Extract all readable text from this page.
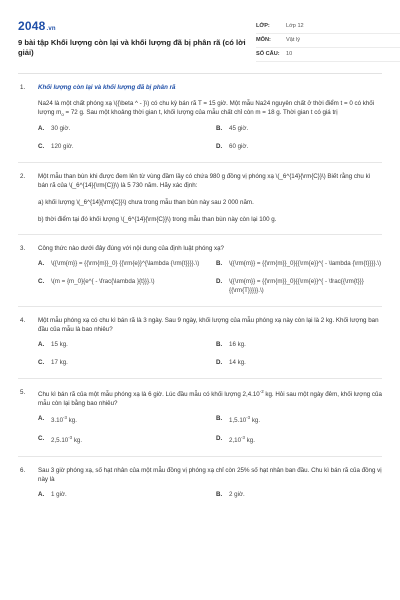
2048.vn
9 bài tập Khối lượng còn lại và khối lượng đã bị phân rã (có lời giải)
LỚP:	Lớp 12
MÔN:	Vật lý
SỐ CÂU:	10
1. Khối lượng còn lại và khối lượng đã bị phân rã
Na24 là một chất phóng xạ \({\beta ^ - }\) có chu kỳ bán rã T = 15 giờ. Một mẫu Na24 nguyên chất ở thời điểm t = 0 có khối lượng $m_o = 72$ g. Sau một khoảng thời gian t, khối lượng của mẫu chất chỉ còn m = 18 g. Thời gian t có giá trị
A.	30 giờ.	B.	45 giờ.
C.	120 giờ.	D.	60 giờ.
2. Một mẫu than bùn khi được đem lên từ vùng đầm lầy có chứa 980 g đồng vị phóng xạ \(_6^{14}{\rm{C}}\) Biết rằng chu kì bán rã của \(_6^{14}{\rm{C}}\) là 5 730 năm. Hãy xác định:
a) khối lượng \(_6^{14}{\rm{C}}\) chưa trong mẫu than bùn này sau 2 000 năm.
b) thời điểm tại đó khối lượng \(_6^{14}{\rm{C}}\) trong mẫu than bùn này còn lại 100 g.
3. Công thức nào dưới đây đúng với nội dung của định luật phóng xạ?
A.	\({\rm{m}} = {{\rm{m}}_0} {{\rm{e}}^{\lambda {\rm{t}}}}.\)	B.	\({\rm{m}} = {{\rm{m}}_0}{{\rm{e}}^{ - \lambda {\rm{t}}}}.\)
C.	\(m = {m_0}{e^{ - \frac{\lambda }{t}}}.\)	D.	\({\rm{m}} = {{\rm{m}}_0}{{\rm{e}}^{ - \frac{{\rm{t}}}{{\rm{T}}}}}.\)
4. Một mẫu phóng xạ có chu kì bán rã là 3 ngày. Sau 9 ngày, khối lượng của mẫu phóng xạ này còn lại là 2 kg. Khối lượng ban đầu của mẫu là bao nhiêu?
A.	15 kg.	B.	16 kg.
C.	17 kg.	D.	14 kg.
5. Chu kì bán rã của một mẫu phóng xạ là 6 giờ. Lúc đầu mẫu có khối lượng $2,4.10^{-2}$ kg. Hỏi sau một ngày đêm, khối lượng của mẫu còn lại bằng bao nhiêu?
A.	$3.10^{-3}$ kg.	B.	$1,5.10^{-3}$ kg.
C.	$2,5.10^{-3}$ kg.	D.	$2,10^{-3}$ kg.
6. Sau 3 giờ phóng xạ, số hạt nhân của một mẫu đồng vị phóng xạ chỉ còn 25% số hạt nhân ban đầu. Chu kì bán rã của đồng vị này là
A.	1 giờ.	B.	2 giờ.
